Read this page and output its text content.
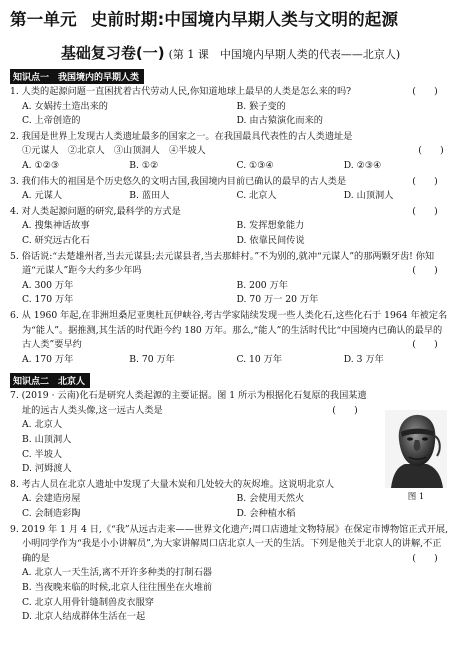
第一单元 史前时期:中国境内早期人类与文明的起源
基础复习卷(一) (第 1 课　中国境内早期人类的代表——北京人)
知识点一　我国境内的早期人类
1. 人类的起源问题一直困扰着古代劳动人民,你知道地球上最早的人类是怎么来的吗?	(　　)
A. 女娲抟土造出来的	B. 猴子变的
C. 上帝创造的	D. 由古猿演化而来的
2. 我国是世界上发现古人类遗址最多的国家之一。在我国最具代表性的古人类遗址是
①元谋人　②北京人　③山顶洞人　④半坡人	(　　)
A. ①②③	B. ①②	C. ①③④	D. ②③④
3. 我们伟大的祖国是个历史悠久的文明古国,我国境内目前已确认的最早的古人类是	(　　)
A. 元谋人	B. 蓝田人	C. 北京人	D. 山顶洞人
4. 对人类起源问题的研究,最科学的方式是	(　　)
A. 搜集神话故事	B. 发挥想象能力
C. 研究远古化石	D. 依靠民间传说
5. 俗话说:“去楚雄州者,当去元谋县;去元谋县者,当去那蚌村。”不为别的,就冲“元谋人”的那两颗牙齿! 你知道“元谋人”距今大约多少年吗	(　　)
A. 300 万年	B. 200 万年
C. 170 万年	D. 70 万一 20 万年
6. 从 1960 年起,在非洲坦桑尼亚奥杜瓦伊峡谷,考古学家陆续发现一些人类化石,这些化石于 1964 年被定名为“能人”。据推测,其生活的时代距今约 180 万年。那么,“能人”的生活时代比“中国境内已确认的最早的古人类”要早约	(　　)
A. 170 万年	B. 70 万年	C. 10 万年	D. 3 万年
知识点二　北京人
7. (2019 · 云南)化石是研究人类起源的主要证据。图 1 所示为根据化石复原的我国某遗址的远古人类头像,这一远古人类是	(　　)
A. 北京人
B. 山顶洞人
C. 半坡人
D. 河姆渡人
图 1
8. 考古人员在北京人遗址中发现了大量木炭和几处较大的灰烬堆。这说明北京人
A. 会建造房屋	B. 会使用天然火
C. 会制造彩陶	D. 会种植水稻
9. 2019 年 1 月 4 日,《“我”从远古走来——世界文化遗产;周口店遗址文物特展》在保定市博物馆正式开展,小明同学作为“我是小小讲解员”,为大家讲解周口店北京人一天的生活。下列是他关于北京人的讲解,不正确的是	(　　)
A. 北京人一天生活,离不开许多种类的打制石器
B. 当夜晚来临的时候,北京人往往围坐在火堆前
C. 北京人用骨针缝制兽皮衣服穿
D. 北京人结成群体生活在一起
